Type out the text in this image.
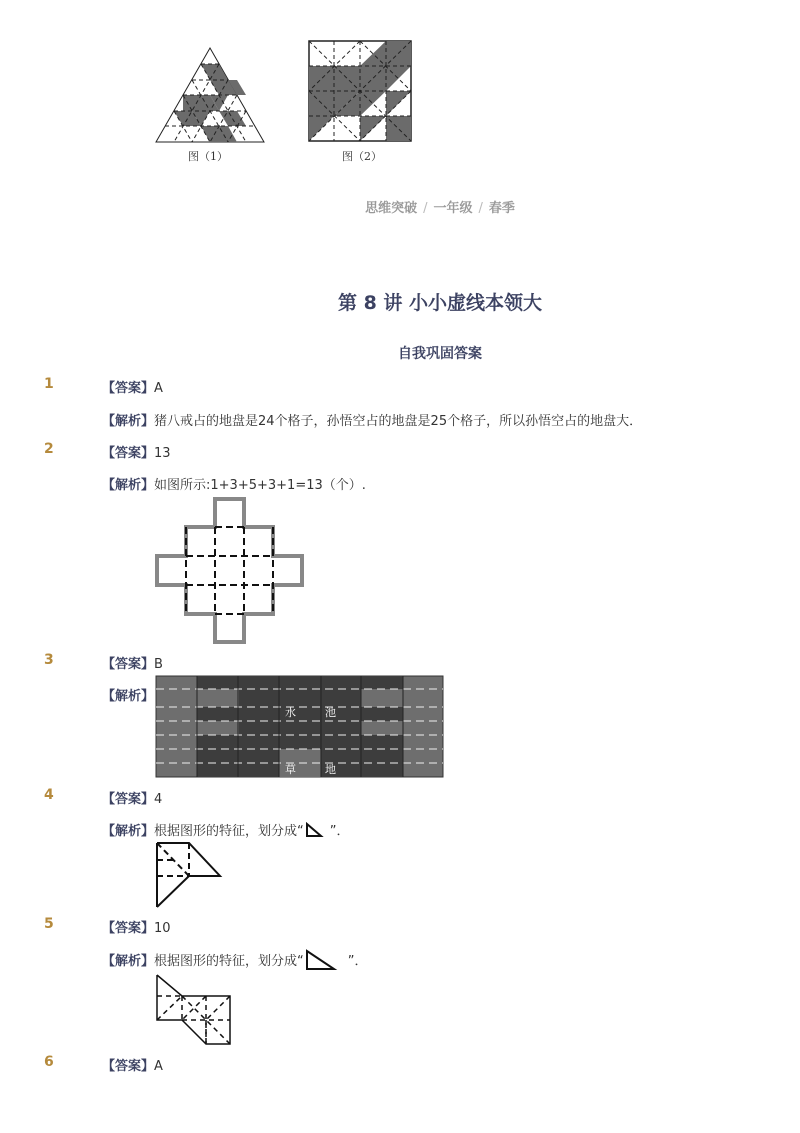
图（1）	图（2）
思维突破 / 一年级 / 春季
第 8 讲 小小虚线本领大
自我巩固答案
1	【答案】A
【解析】猪八戒占的地盘是24个格子，孙悟空占的地盘是25个格子，所以孙悟空占的地盘大．
2	【答案】13
【解析】如图所示:1+3+5+3+1=13（个）.
3	【答案】B
【解析】
水	池
草	地
4	【答案】4
【解析】根据图形的特征，划分成“ ”．
5	【答案】10
【解析】根据图形的特征，划分成“	”．
6	【答案】A
